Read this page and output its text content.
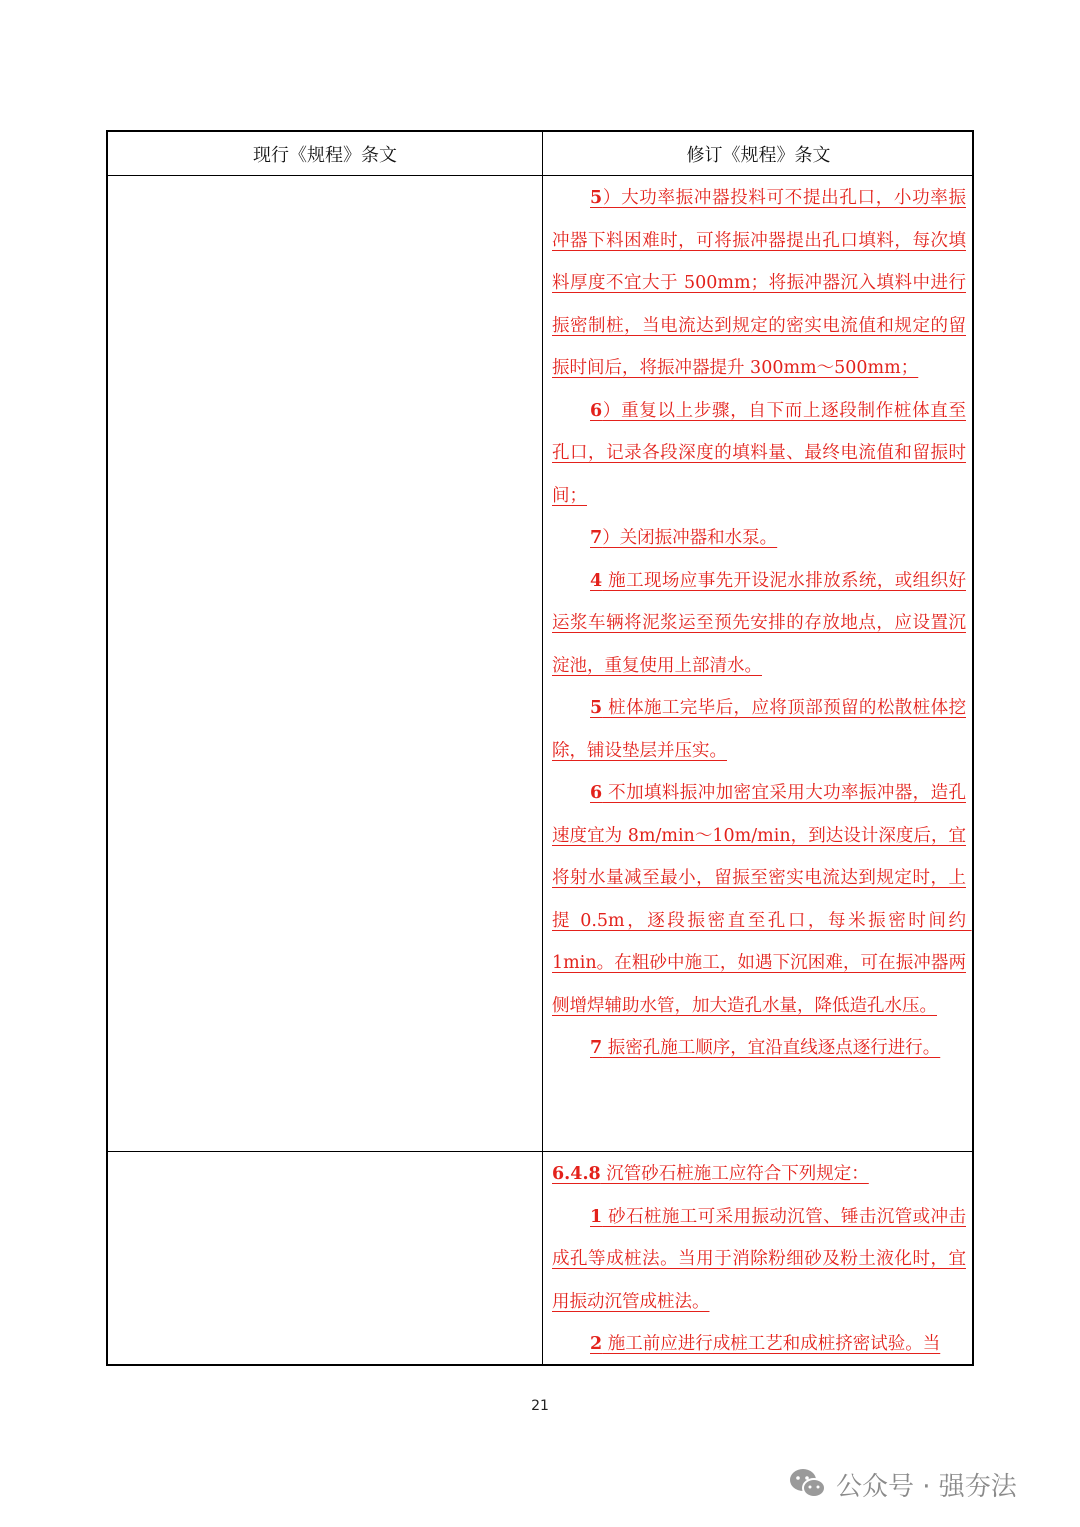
现行《规程》条文	修订《规程》条文
5）大功率振冲器投料可不提出孔口，小功率振冲器下料困难时，可将振冲器提出孔口填料，每次填料厚度不宜大于 500mm；将振冲器沉入填料中进行振密制桩，当电流达到规定的密实电流值和规定的留振时间后，将振冲器提升 300mm～500mm；
6）重复以上步骤，自下而上逐段制作桩体直至孔口，记录各段深度的填料量、最终电流值和留振时间；
7）关闭振冲器和水泵。
4 施工现场应事先开设泥水排放系统，或组织好运浆车辆将泥浆运至预先安排的存放地点，应设置沉淀池，重复使用上部清水。
5 桩体施工完毕后，应将顶部预留的松散桩体挖除，铺设垫层并压实。
6 不加填料振冲加密宜采用大功率振冲器，造孔速度宜为 8m/min～10m/min，到达设计深度后，宜将射水量减至最小，留振至密实电流达到规定时，上提 0.5m，逐段振密直至孔口，每米振密时间约 1min。在粗砂中施工，如遇下沉困难，可在振冲器两侧增焊辅助水管，加大造孔水量，降低造孔水压。
7 振密孔施工顺序，宜沿直线逐点逐行进行。
6.4.8 沉管砂石桩施工应符合下列规定：
1 砂石桩施工可采用振动沉管、锤击沉管或冲击成孔等成桩法。当用于消除粉细砂及粉土液化时，宜用振动沉管成桩法。
2 施工前应进行成桩工艺和成桩挤密试验。当
21
公众号 · 强夯法
